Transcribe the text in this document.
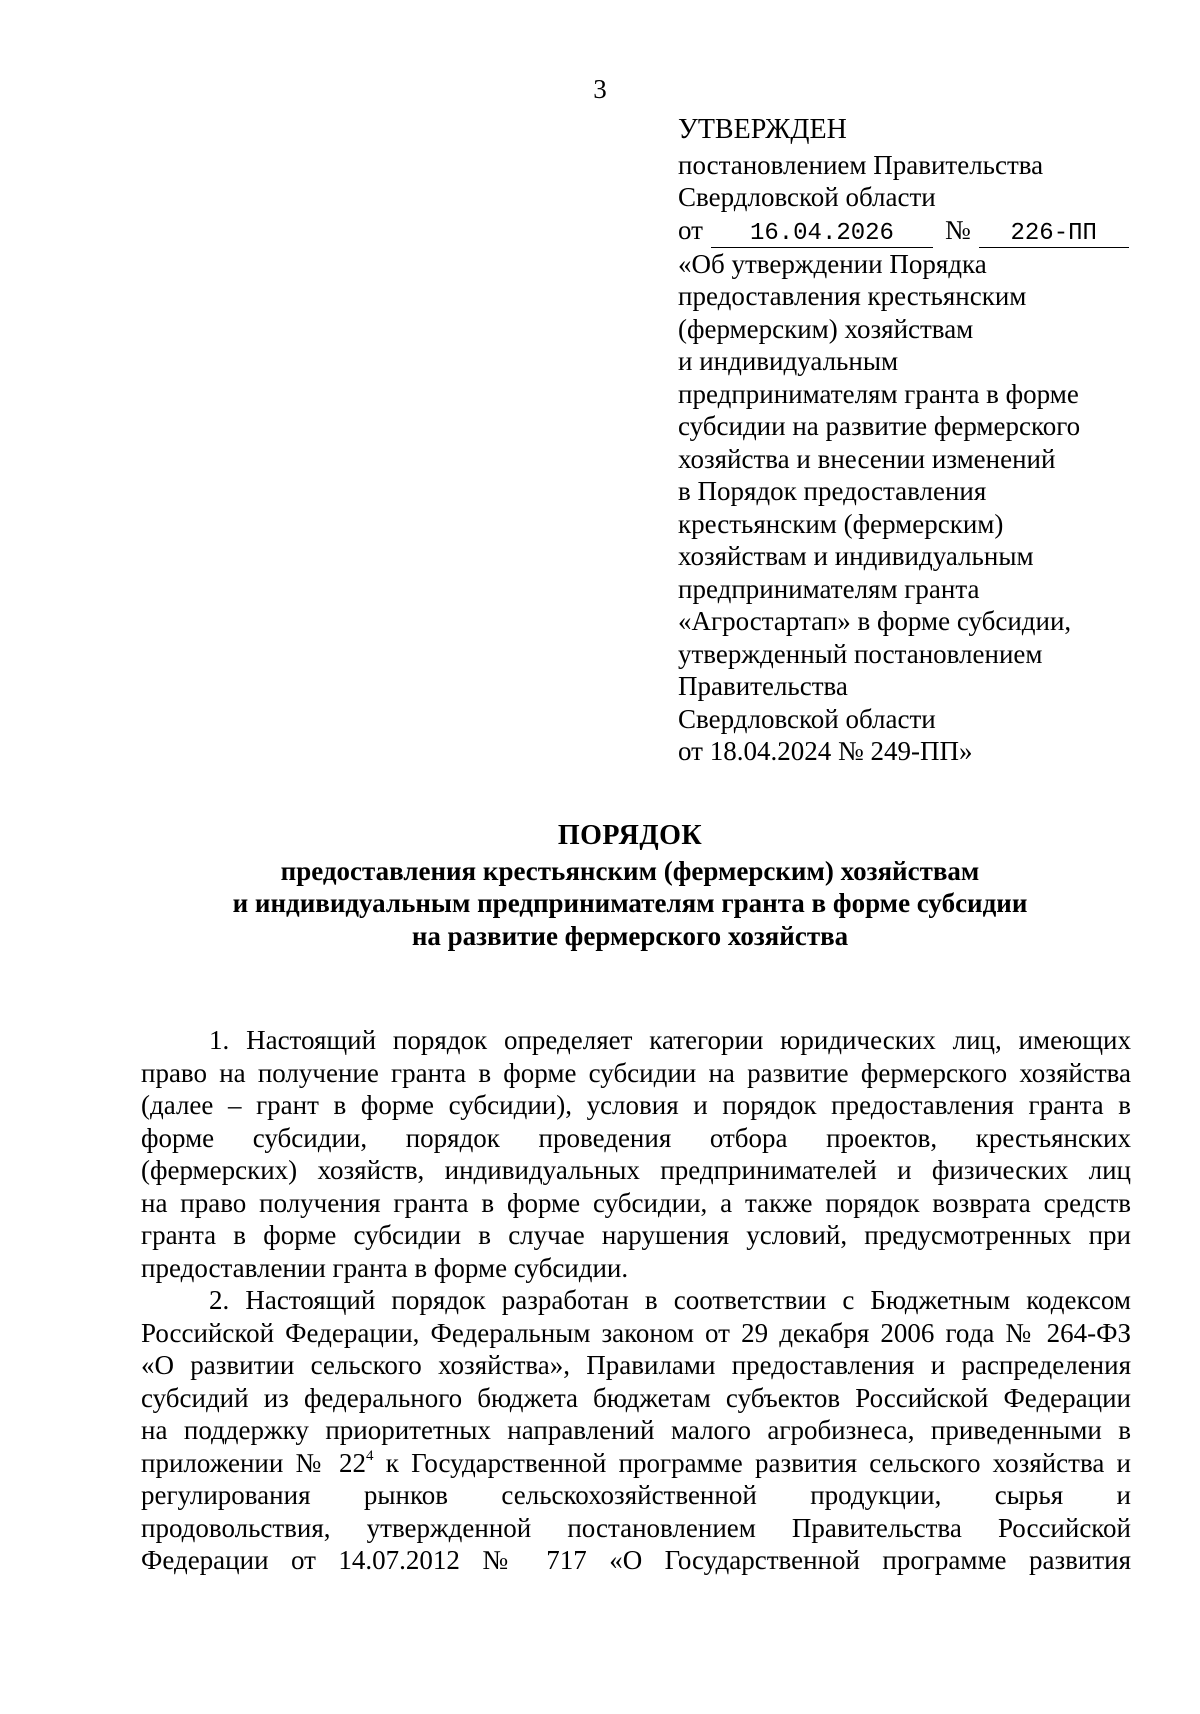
3
УТВЕРЖДЕН
постановлением Правительства
Свердловской области
от 16.04.2026 № 226-ПП
«Об утверждении Порядка
предоставления крестьянским
(фермерским) хозяйствам
и индивидуальным
предпринимателям гранта в форме
субсидии на развитие фермерского
хозяйства и внесении изменений
в Порядок предоставления
крестьянским (фермерским)
хозяйствам и индивидуальным
предпринимателям гранта
«Агростартап» в форме субсидии,
утвержденный постановлением
Правительства
Свердловской области
от 18.04.2024 № 249-ПП»
ПОРЯДОК
предоставления крестьянским (фермерским) хозяйствам
и индивидуальным предпринимателям гранта в форме субсидии
на развитие фермерского хозяйства
1. Настоящий порядок определяет категории юридических лиц, имеющих
право на получение гранта в форме субсидии на развитие фермерского хозяйства
(далее – грант в форме субсидии), условия и порядок предоставления гранта в
форме субсидии, порядок проведения отбора проектов, крестьянских
(фермерских) хозяйств, индивидуальных предпринимателей и физических лиц
на право получения гранта в форме субсидии, а также порядок возврата средств
гранта в форме субсидии в случае нарушения условий, предусмотренных при
предоставлении гранта в форме субсидии.
2. Настоящий порядок разработан в соответствии с Бюджетным кодексом
Российской Федерации, Федеральным законом от 29 декабря 2006 года № 264-ФЗ
«О развитии сельского хозяйства», Правилами предоставления и распределения
субсидий из федерального бюджета бюджетам субъектов Российской Федерации
на поддержку приоритетных направлений малого агробизнеса, приведенными в
приложении № $22^4$ к Государственной программе развития сельского хозяйства и
регулирования рынков сельскохозяйственной продукции, сырья и
продовольствия, утвержденной постановлением Правительства Российской
Федерации от 14.07.2012 № 717 «О Государственной программе развития
